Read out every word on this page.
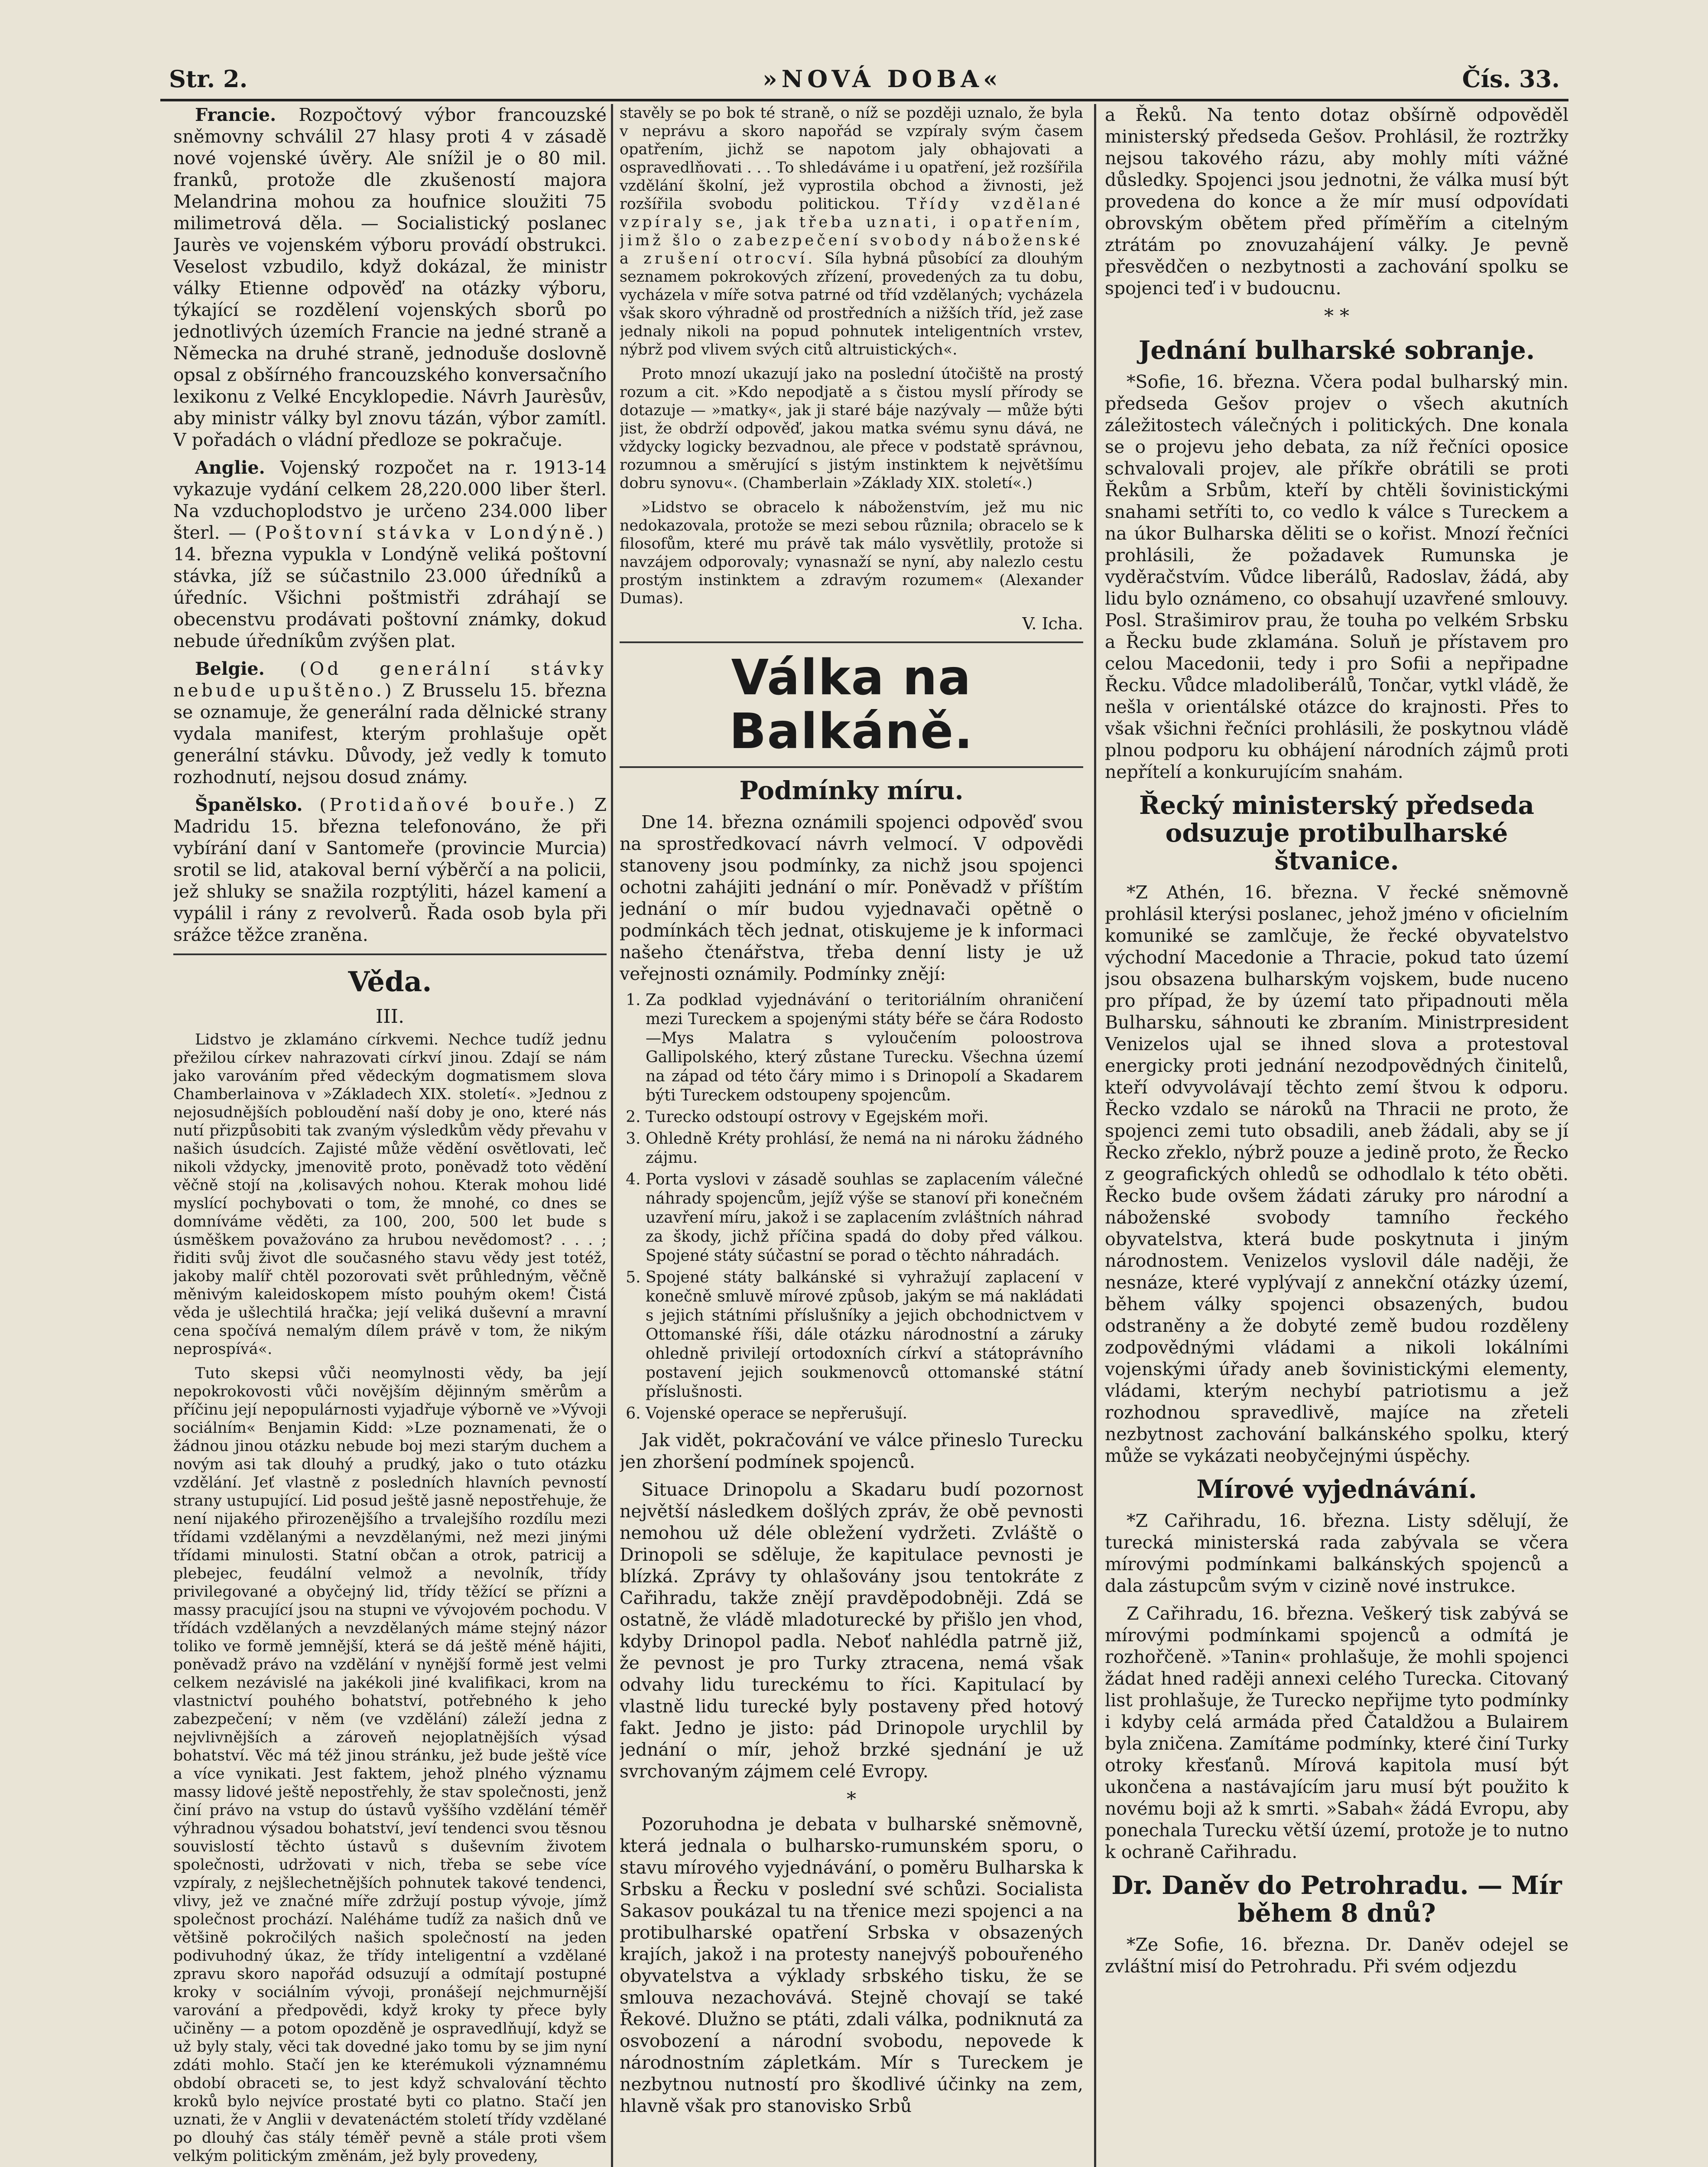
Str. 2.	»NOVÁ DOBA«	Čís. 33.

Francie. Rozpočtový výbor francouzské sněmovny schválil 27 hlasy proti 4 v zásadě nové vojenské úvěry. Ale snížil je o 80 mil. franků, protože dle zkušeností majora Melandrina mohou za houfnice sloužiti 75 milimetrová děla. — Socialistický poslanec Jaurès ve vojenském výboru provádí obstrukci. Veselost vzbudilo, když dokázal, že ministr války Etienne odpověď na otázky výboru, týkající se rozdělení vojenských sborů po jednotlivých územích Francie na jedné straně a Německa na druhé straně, jednoduše doslovně opsal z obšírného francouzského konversačního lexikonu z Velké Encyklopedie. Návrh Jaurèsův, aby ministr války byl znovu tázán, výbor zamítl. V pořadách o vládní předloze se pokračuje.

Anglie. Vojenský rozpočet na r. 1913-14 vykazuje vydání celkem 28,220.000 liber šterl. Na vzduchoplodstvo je určeno 234.000 liber šterl. — (Poštovní stávka v Londýně.) 14. března vypukla v Londýně veliká poštovní stávka, jíž se súčastnilo 23.000 úředníků a úředníc. Všichni poštmistři zdráhají se obecenstvu prodávati poštovní známky, dokud nebude úředníkům zvýšen plat.

Belgie. (Od generální stávky nebude upuštěno.) Z Brusselu 15. března se oznamuje, že generální rada dělnické strany vydala manifest, kterým prohlašuje opět generální stávku. Důvody, jež vedly k tomuto rozhodnutí, nejsou dosud známy.

Španělsko. (Protidaňové bouře.) Z Madridu 15. března telefonováno, že při vybírání daní v Santomeře (provincie Murcia) srotil se lid, atakoval berní výběrčí a na policii, jež shluky se snažila rozptýliti, házel kamení a vypálil i rány z revolverů. Řada osob byla při srážce těžce zraněna.

Věda.
III.

Lidstvo je zklamáno církvemi. Nechce tudíž jednu přežilou církev nahrazovati církví jinou. Zdají se nám jako varováním před vědeckým dogmatismem slova Chamberlainova v »Základech XIX. století«. »Jednou z nejosudnějších pobloudění naší doby je ono, které nás nutí přizpůsobiti tak zvaným výsledkům vědy převahu v našich úsudcích. Zajisté může vědění osvětlovati, leč nikoli vždycky, jmenovitě proto, poněvadž toto vědění věčně stojí na ,kolisavých nohou. Kterak mohou lidé myslící pochybovati o tom, že mnohé, co dnes se domníváme věděti, za 100, 200, 500 let bude s úsměškem považováno za hrubou nevědomost? . . . ; řiditi svůj život dle současného stavu vědy jest totéž, jakoby malíř chtěl pozorovati svět průhledným, věčně měnivým kaleidoskopem místo pouhým okem! Čistá věda je ušlechtilá hračka; její veliká duševní a mravní cena spočívá nemalým dílem právě v tom, že nikým neprospívá«.

Tuto skepsi vůči neomylnosti vědy, ba její nepokrokovosti vůči novějším dějinným směrům a příčinu její nepopulárnosti vyjadřuje výborně ve »Vývoji sociálním« Benjamin Kidd: »Lze poznamenati, že o žádnou jinou otázku nebude boj mezi starým duchem a novým asi tak dlouhý a prudký, jako o tuto otázku vzdělání. Jeť vlastně z posledních hlavních pevností strany ustupující. Lid posud ještě jasně nepostřehuje, že není nijakého přirozenějšího a trvalejšího rozdílu mezi třídami vzdělanými a nevzdělanými, než mezi jinými třídami minulosti. Statní občan a otrok, patricij a plebejec, feudální velmož a nevolník, třídy privilegované a obyčejný lid, třídy těžící se přízni a massy pracující jsou na stupni ve vývojovém pochodu. V třídách vzdělaných a nevzdělaných máme stejný názor toliko ve formě jemnější, která se dá ještě méně hájiti, poněvadž právo na vzdělání v nynější formě jest velmi celkem nezávislé na jakékoli jiné kvalifikaci, krom na vlastnictví pouhého bohatství, potřebného k jeho zabezpečení; v něm (ve vzdělání) záleží jedna z nejvlivnějších a zároveň nejoplatnějších výsad bohatství. Věc má též jinou stránku, jež bude ještě více a více vynikati. Jest faktem, jehož plného významu massy lidové ještě nepostřehly, že stav společnosti, jenž činí právo na vstup do ústavů vyššího vzdělání téměř výhradnou výsadou bohatství, jeví tendenci svou těsnou souvislostí těchto ústavů s duševním životem společnosti, udržovati v nich, třeba se sebe více vzpíraly, z nejšlechetnějších pohnutek takové tendenci, vlivy, jež ve značné míře zdržují postup vývoje, jímž společnost prochází. Naléháme tudíž za našich dnů ve většině pokročilých našich společností na jeden podivuhodný úkaz, že třídy inteligentní a vzdělané zpravu skoro napořád odsuzují a odmítají postupné kroky v sociálním vývoji, pronášejí nejchmurnější varování a předpovědi, když kroky ty přece byly učiněny — a potom opozděně je ospravedlňují, když se už byly staly, věci tak dovedné jako tomu by se jim nyní zdáti mohlo. Stačí jen ke kterémukoli významnému období obraceti se, to jest když schvalování těchto kroků bylo nejvíce prostaté byti co platno. Stačí jen uznati, že v Anglii v devatenáctém století třídy vzdělané po dlouhý čas stály téměř pevně a stále proti všem velkým politickým změnám, jež byly provedeny,

stavěly se po bok té straně, o níž se později uznalo, že byla v neprávu a skoro napořád se vzpíraly svým časem opatřením, jichž se napotom jaly obhajovati a ospravedlňovati . . . To shledáváme i u opatření, jež rozšířila vzdělání školní, jež vyprostila obchod a živnosti, jež rozšířila svobodu politickou. Třídy vzdělané vzpíraly se, jak třeba uznati, i opatřením, jimž šlo o zabezpečení svobody náboženské a zrušení otrocví. Síla hybná působící za dlouhým seznamem pokrokových zřízení, provedených za tu dobu, vycházela v míře sotva patrné od tříd vzdělaných; vycházela však skoro výhradně od prostředních a nižších tříd, jež zase jednaly nikoli na popud pohnutek inteligentních vrstev, nýbrž pod vlivem svých citů altruistických«.

Proto mnozí ukazují jako na poslední útočiště na prostý rozum a cit. »Kdo nepodjatě a s čistou myslí přírody se dotazuje — »matky«, jak ji staré báje nazývaly — může býti jist, že obdrží odpověď, jakou matka svému synu dává, ne vždycky logicky bezvadnou, ale přece v podstatě správnou, rozumnou a směrující s jistým instinktem k největšímu dobru synovu«. (Chamberlain »Základy XIX. století«.)

»Lidstvo se obracelo k náboženstvím, jež mu nic nedokazovala, protože se mezi sebou různila; obracelo se k filosofům, které mu právě tak málo vysvětlily, protože si navzájem odporovaly; vynasnaží se nyní, aby nalezlo cestu prostým instinktem a zdravým rozumem« (Alexander Dumas).

V. Icha.
Válka na Balkáně.
Podmínky míru.

Dne 14. března oznámili spojenci odpověď svou na sprostředkovací návrh velmocí. V odpovědi stanoveny jsou podmínky, za nichž jsou spojenci ochotni zahájiti jednání o mír. Poněvadž v příštím jednání o mír budou vyjednavači opětně o podmínkách těch jednat, otiskujeme je k informaci našeho čtenářstva, třeba denní listy je už veřejnosti oznámily. Podmínky znějí:

1. Za podklad vyjednávání o teritoriálním ohraničení mezi Tureckem a spojenými státy béře se čára Rodosto—Mys Malatra s vyloučením poloostrova Gallipolského, který zůstane Turecku. Všechna území na západ od této čáry mimo i s Drinopolí a Skadarem býti Tureckem odstoupeny spojencům.
2. Turecko odstoupí ostrovy v Egejském moři.
3. Ohledně Kréty prohlásí, že nemá na ni nároku žádného zájmu.
4. Porta vyslovi v zásadě souhlas se zaplacením válečné náhrady spojencům, jejíž výše se stanoví při konečném uzavření míru, jakož i se zaplacením zvláštních náhrad za škody, jichž příčina spadá do doby před válkou. Spojené státy súčastní se porad o těchto náhradách.
5. Spojené státy balkánské si vyhražují zaplacení v konečně smluvě mírové způsob, jakým se má nakládati s jejich státními příslušníky a jejich obchodnictvem v Ottomanské říši, dále otázku národnostní a záruky ohledně privilejí ortodoxních církví a státoprávního postavení jejich soukmenovců ottomanské státní příslušnosti.
6. Vojenské operace se nepřerušují.

Jak vidět, pokračování ve válce přineslo Turecku jen zhoršení podmínek spojenců.

Situace Drinopolu a Skadaru budí pozornost největší následkem došlých zpráv, že obě pevnosti nemohou už déle obležení vydržeti. Zvláště o Drinopoli se sděluje, že kapitulace pevnosti je blízká. Zprávy ty ohlašovány jsou tentokráte z Cařihradu, takže znějí pravděpodobněji. Zdá se ostatně, že vládě mladoturecké by přišlo jen vhod, kdyby Drinopol padla. Neboť nahlédla patrně již, že pevnost je pro Turky ztracena, nemá však odvahy lidu tureckému to říci. Kapitulací by vlastně lidu turecké byly postaveny před hotový fakt. Jedno je jisto: pád Drinopole urychlil by jednání o mír, jehož brzké sjednání je už svrchovaným zájmem celé Evropy.

*

Pozoruhodna je debata v bulharské sněmovně, která jednala o bulharsko-rumunském sporu, o stavu mírového vyjednávání, o poměru Bulharska k Srbsku a Řecku v poslední své schůzi. Socialista Sakasov poukázal tu na třenice mezi spojenci a na protibulharské opatření Srbska v obsazených krajích, jakož i na protesty nanejvýš pobouřeného obyvatelstva a výklady srbského tisku, že se smlouva nezachovává. Stejně chovají se také Řekové. Dlužno se ptáti, zdali válka, podniknutá za osvobození a národní svobodu, nepovede k národnostním zápletkám. Mír s Tureckem je nezbytnou nutností pro škodlivé účinky na zem, hlavně však pro stanovisko Srbů

a Řeků. Na tento dotaz obšírně odpověděl ministerský předseda Gešov. Prohlásil, že roztržky nejsou takového rázu, aby mohly míti vážné důsledky. Spojenci jsou jednotni, že válka musí být provedena do konce a že mír musí odpovídati obrovským obětem před příměřím a citelným ztrátám po znovuzahájení války. Je pevně přesvědčen o nezbytnosti a zachování spolku se spojenci teď i v budoucnu.

* *
Jednání bulharské sobranje.

*Sofie, 16. března. Včera podal bulharský min. předseda Gešov projev o všech akutních záležitostech válečných i politických. Dne konala se o projevu jeho debata, za níž řečníci oposice schvalovali projev, ale příkře obrátili se proti Řekům a Srbům, kteří by chtěli šovinistickými snahami setříti to, co vedlo k válce s Tureckem a na úkor Bulharska děliti se o kořist. Mnozí řečníci prohlásili, že požadavek Rumunska je vyděračstvím. Vůdce liberálů, Radoslav, žádá, aby lidu bylo oznámeno, co obsahují uzavřené smlouvy. Posl. Strašimirov prau, že touha po velkém Srbsku a Řecku bude zklamána. Soluň je přístavem pro celou Macedonii, tedy i pro Sofii a nepřipadne Řecku. Vůdce mladoliberálů, Tončar, vytkl vládě, že nešla v orientálské otázce do krajnosti. Přes to však všichni řečníci prohlásili, že poskytnou vládě plnou podporu ku obhájení národních zájmů proti nepřítelí a konkurujícím snahám.

Řecký ministerský předseda odsuzuje protibulharské štvanice.

*Z Athén, 16. března. V řecké sněmovně prohlásil kterýsi poslanec, jehož jméno v oficielním komuniké se zamlčuje, že řecké obyvatelstvo východní Macedonie a Thracie, pokud tato území jsou obsazena bulharským vojskem, bude nuceno pro případ, že by území tato připadnouti měla Bulharsku, sáhnouti ke zbraním. Ministrpresident Venizelos ujal se ihned slova a protestoval energicky proti jednání nezodpovědných činitelů, kteří odvyvolávají těchto zemí štvou k odporu. Řecko vzdalo se nároků na Thracii ne proto, že spojenci zemi tuto obsadili, aneb žádali, aby se jí Řecko zřeklo, nýbrž pouze a jedině proto, že Řecko z geografických ohledů se odhodlalo k této oběti. Řecko bude ovšem žádati záruky pro národní a náboženské svobody tamního řeckého obyvatelstva, která bude poskytnuta i jiným národnostem. Venizelos vyslovil dále naději, že nesnáze, které vyplývají z annekční otázky území, během války spojenci obsazených, budou odstraněny a že dobyté země budou rozděleny zodpovědnými vládami a nikoli lokálními vojenskými úřady aneb šovinistickými elementy, vládami, kterým nechybí patriotismu a jež rozhodnou spravedlivě, majíce na zřeteli nezbytnost zachování balkánského spolku, který může se vykázati neobyčejnými úspěchy.

Mírové vyjednávání.

*Z Cařihradu, 16. března. Listy sdělují, že turecká ministerská rada zabývala se včera mírovými podmínkami balkánských spojenců a dala zástupcům svým v cizině nové instrukce.

Z Cařihradu, 16. března. Veškerý tisk zabývá se mírovými podmínkami spojenců a odmítá je rozhořčeně. »Tanin« prohlašuje, že mohli spojenci žádat hned raději annexi celého Turecka. Citovaný list prohlašuje, že Turecko nepřijme tyto podmínky i kdyby celá armáda před Čataldžou a Bulairem byla zničena. Zamítáme podmínky, které činí Turky otroky křesťanů. Mírová kapitola musí být ukončena a nastávajícím jaru musí být použito k novému boji až k smrti. »Sabah« žádá Evropu, aby ponechala Turecku větší území, protože je to nutno k ochraně Cařihradu.

Dr. Daněv do Petrohradu. — Mír během 8 dnů?

*Ze Sofie, 16. března. Dr. Daněv odejel se zvláštní misí do Petrohradu. Při svém odjezdu
